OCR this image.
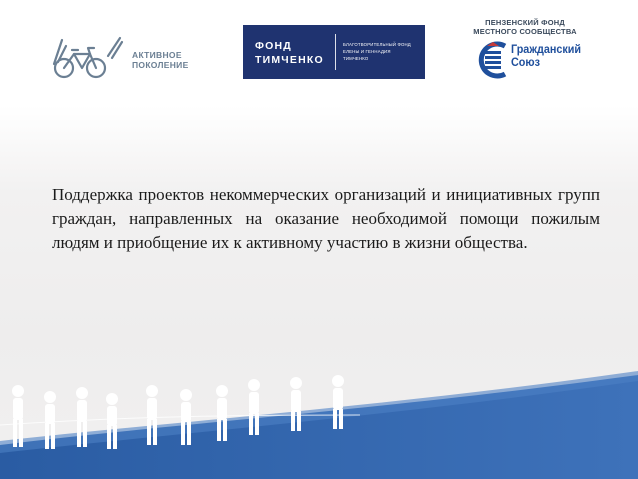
АКТИВНОЕ
ПОКОЛЕНИЕ
ФОНД
ТИМЧЕНКО
БЛАГОТВОРИТЕЛЬНЫЙ ФОНД
ЕЛЕНЫ И ГЕННАДИЯ
ТИМЧЕНКО
ПЕНЗЕНСКИЙ ФОНД
МЕСТНОГО СООБЩЕСТВА
Гражданский
Союз

Поддержка проектов некоммерческих организаций и инициативных групп граждан, направленных на оказание необходимой помощи пожилым людям и приобщение их к активному участию в жизни общества.
